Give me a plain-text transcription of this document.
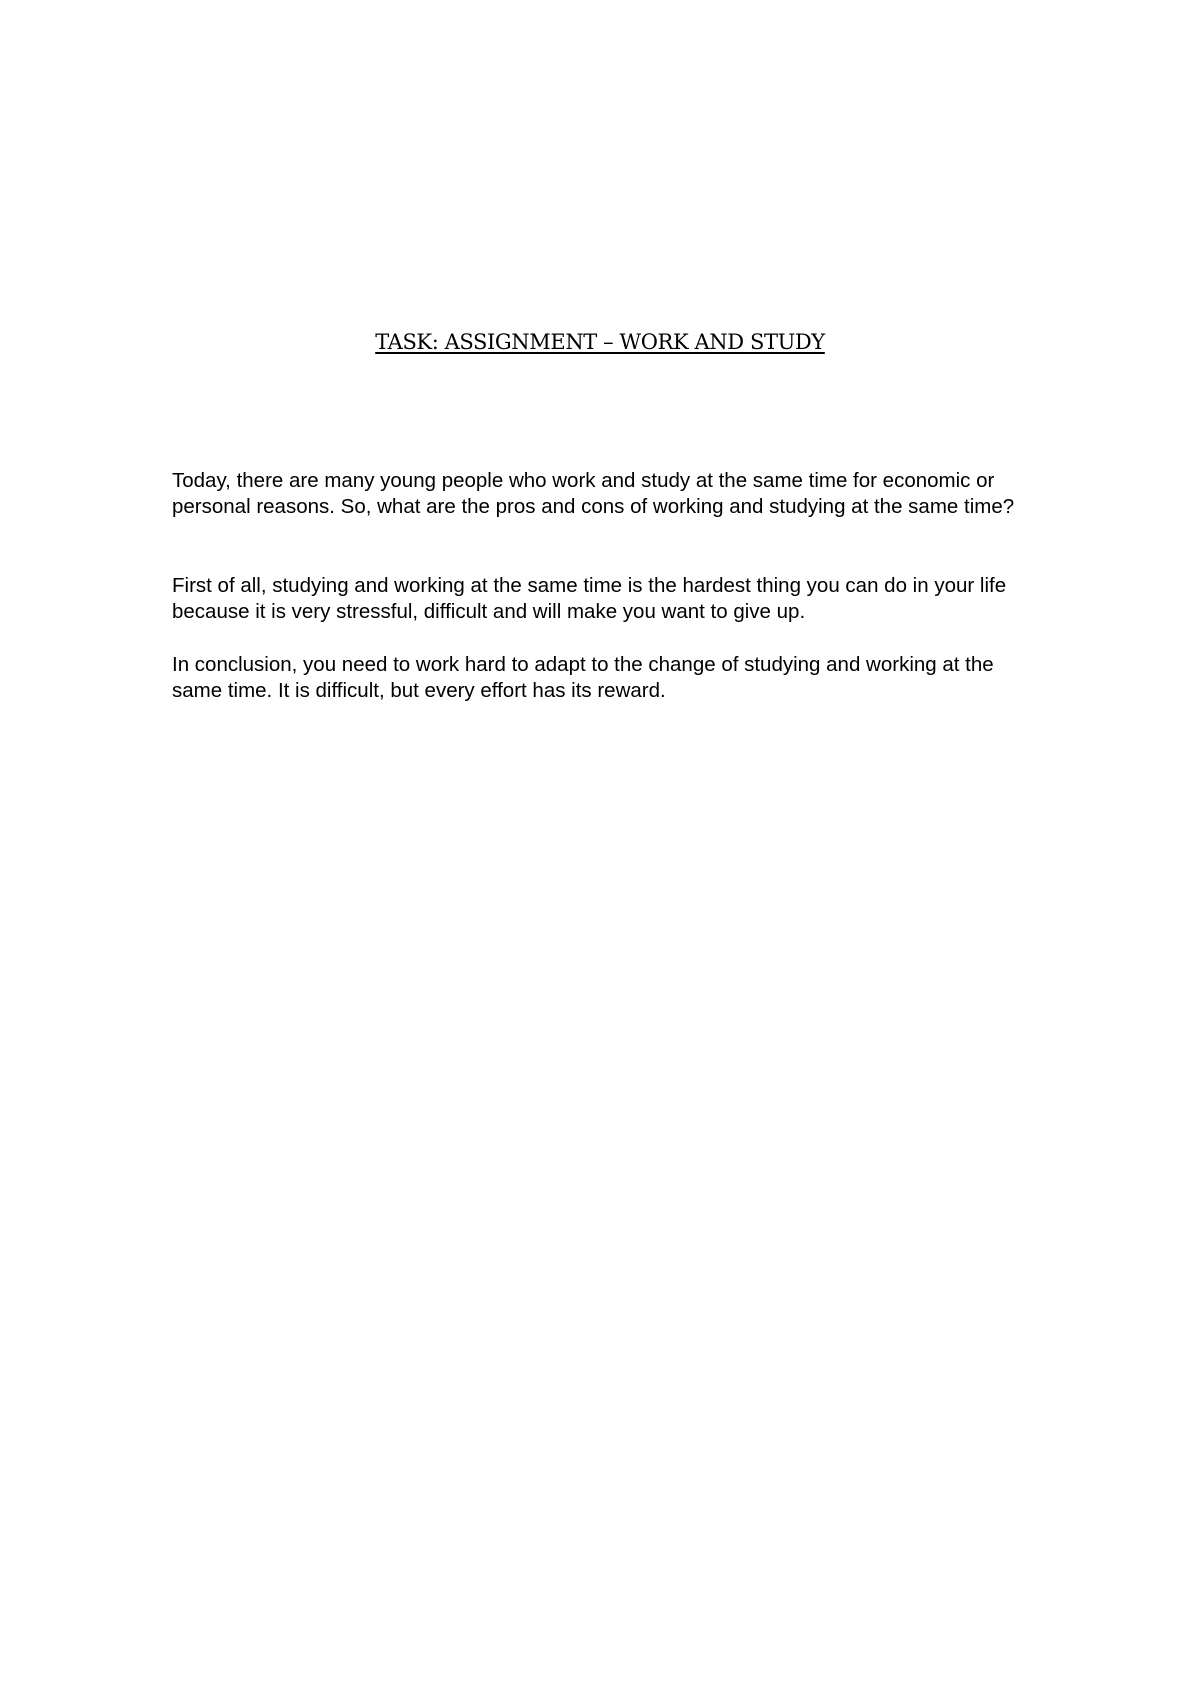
TASK: ASSIGNMENT – WORK AND STUDY

Today, there are many young people who work and study at the same time for economic or personal reasons. So, what are the pros and cons of working and studying at the same time?

First of all, studying and working at the same time is the hardest thing you can do in your life because it is very stressful, difficult and will make you want to give up.

In conclusion, you need to work hard to adapt to the change of studying and working at the same time. It is difficult, but every effort has its reward.
